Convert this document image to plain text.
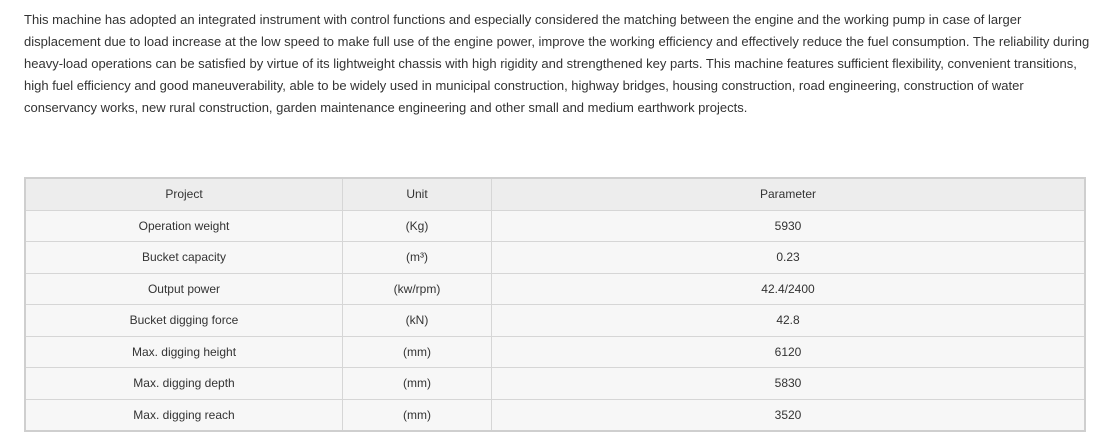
This machine has adopted an integrated instrument with control functions and especially considered the matching between the engine and the working pump in case of larger displacement due to load increase at the low speed to make full use of the engine power, improve the working efficiency and effectively reduce the fuel consumption. The reliability during heavy-load operations can be satisfied by virtue of its lightweight chassis with high rigidity and strengthened key parts. This machine features sufficient flexibility, convenient transitions, high fuel efficiency and good maneuverability, able to be widely used in municipal construction, highway bridges, housing construction, road engineering, construction of water conservancy works, new rural construction, garden maintenance engineering and other small and medium earthwork projects.

Project	Unit	Parameter
Operation weight	(Kg)	5930
Bucket capacity	(m³)	0.23
Output power	(kw/rpm)	42.4/2400
Bucket digging force	(kN)	42.8
Max. digging height	(mm)	6120
Max. digging depth	(mm)	5830
Max. digging reach	(mm)	3520
